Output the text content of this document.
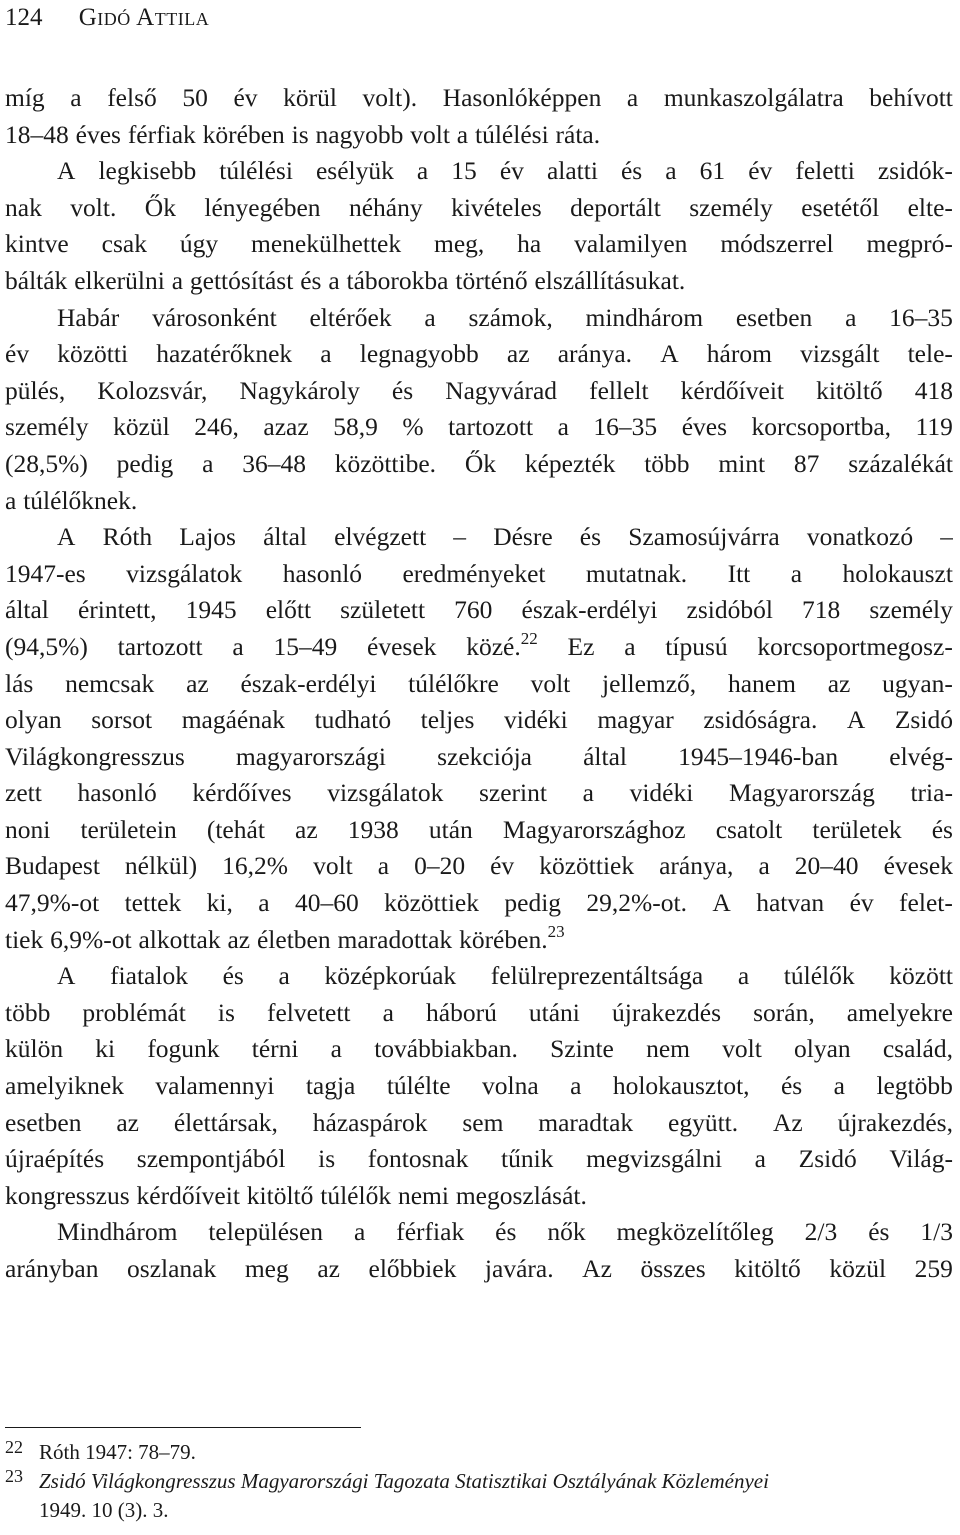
124 Gidó Attila
míg a felső 50 év körül volt). Hasonlóképpen a munkaszolgálatra behívott
18–48 éves férfiak körében is nagyobb volt a túlélési ráta.
A legkisebb túlélési esélyük a 15 év alatti és a 61 év feletti zsidók-
nak volt. Ők lényegében néhány kivételes deportált személy esetétől elte-
kintve csak úgy menekülhettek meg, ha valamilyen módszerrel megpró-
bálták elkerülni a gettósítást és a táborokba történő elszállításukat.
Habár városonként eltérőek a számok, mindhárom esetben a 16–35
év közötti hazatérőknek a legnagyobb az aránya. A három vizsgált tele-
pülés, Kolozsvár, Nagykároly és Nagyvárad fellelt kérdőíveit kitöltő 418
személy közül 246, azaz 58,9 % tartozott a 16–35 éves korcsoportba, 119
(28,5%) pedig a 36–48 közöttibe. Ők képezték több mint 87 százalékát
a túlélőknek.
A Róth Lajos által elvégzett – Désre és Szamosújvárra vonatkozó –
1947-es vizsgálatok hasonló eredményeket mutatnak. Itt a holokauszt
által érintett, 1945 előtt született 760 észak-erdélyi zsidóból 718 személy
(94,5%) tartozott a 15–49 évesek közé.$^{22}$ Ez a típusú korcsoportmegosz-
lás nemcsak az észak-erdélyi túlélőkre volt jellemző, hanem az ugyan-
olyan sorsot magáénak tudható teljes vidéki magyar zsidóságra. A Zsidó
Világkongresszus magyarországi szekciója által 1945–1946-ban elvég-
zett hasonló kérdőíves vizsgálatok szerint a vidéki Magyarország tria-
noni területein (tehát az 1938 után Magyarországhoz csatolt területek és
Budapest nélkül) 16,2% volt a 0–20 év közöttiek aránya, a 20–40 évesek
47,9%-ot tettek ki, a 40–60 közöttiek pedig 29,2%-ot. A hatvan év felet-
tiek 6,9%-ot alkottak az életben maradottak körében.$^{23}$
A fiatalok és a középkorúak felülreprezentáltsága a túlélők között
több problémát is felvetett a háború utáni újrakezdés során, amelyekre
külön ki fogunk térni a továbbiakban. Szinte nem volt olyan család,
amelyiknek valamennyi tagja túlélte volna a holokausztot, és a legtöbb
esetben az élettársak, házaspárok sem maradtak együtt. Az újrakezdés,
újraépítés szempontjából is fontosnak tűnik megvizsgálni a Zsidó Világ-
kongresszus kérdőíveit kitöltő túlélők nemi megoszlását.
Mindhárom településen a férfiak és nők megközelítőleg 2/3 és 1/3
arányban oszlanak meg az előbbiek javára. Az összes kitöltő közül 259
22 Róth 1947: 78–79.
23 Zsidó Világkongresszus Magyarországi Tagozata Statisztikai Osztályának Közleményei
1949. 10 (3). 3.
